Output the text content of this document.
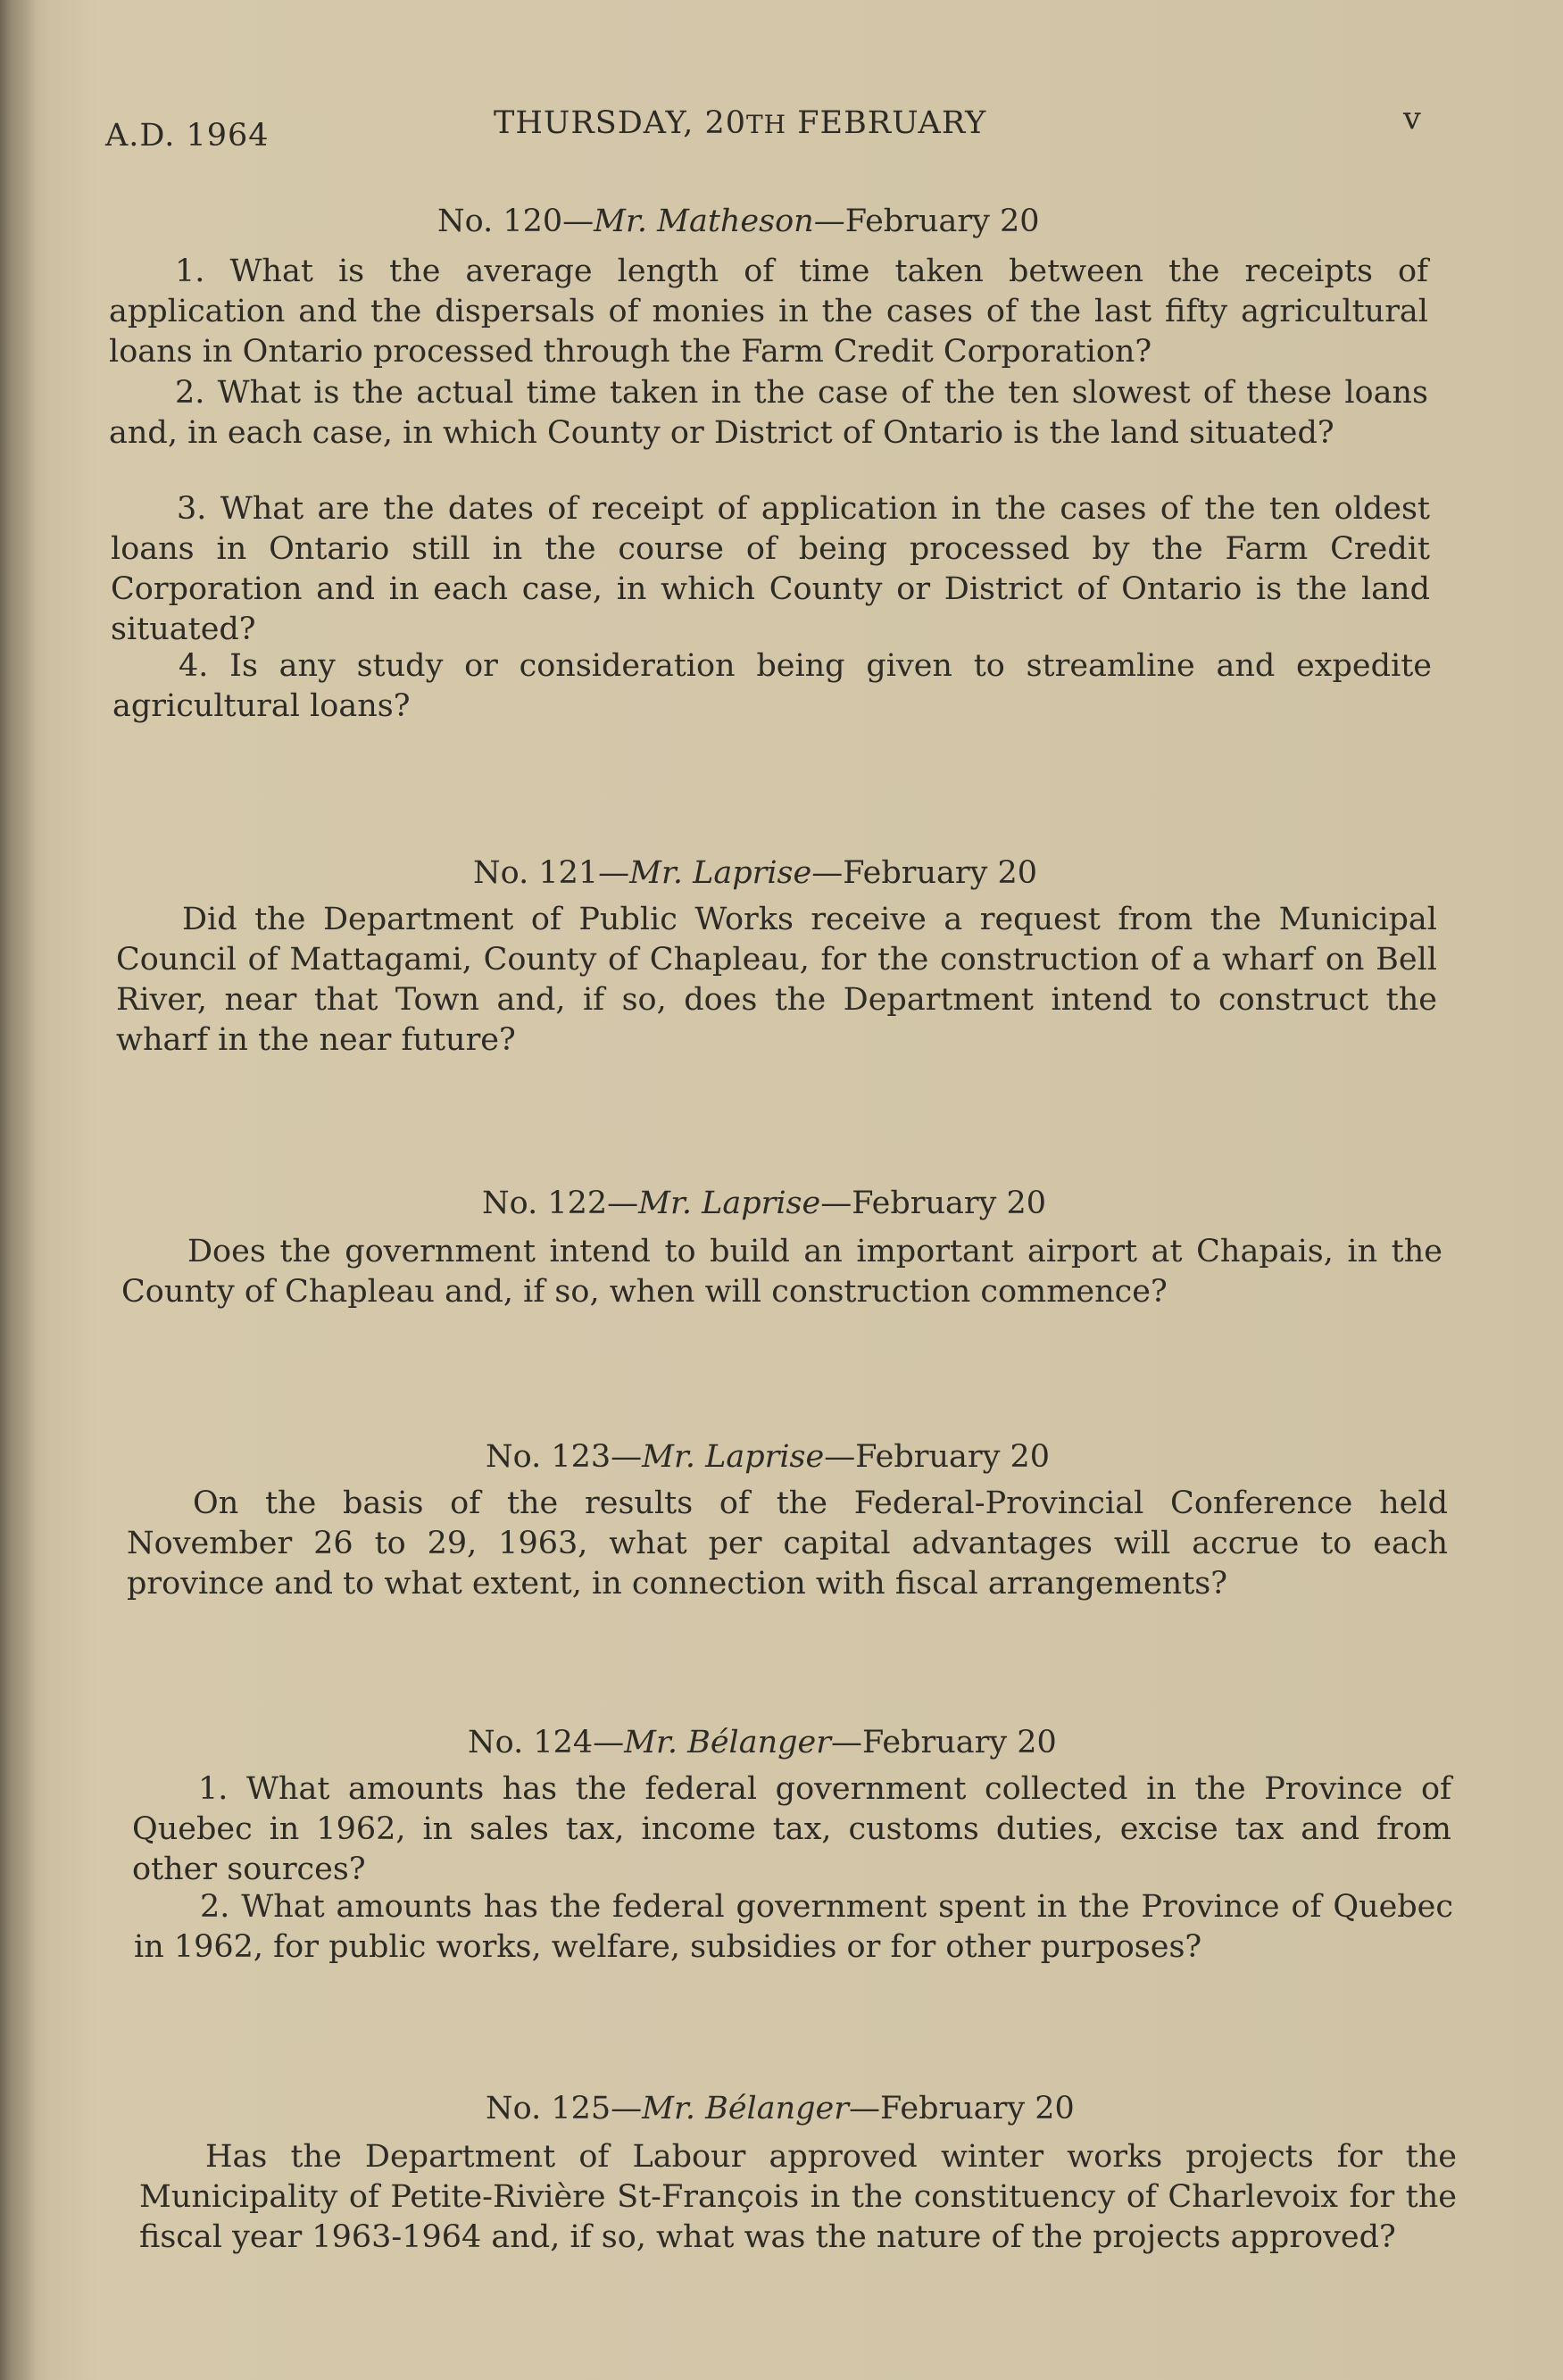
A.D. 1964	THURSDAY, 20TH FEBRUARY	v
No. 120—Mr. Matheson—February 20
1. What is the average length of time taken between the receipts of application and the dispersals of monies in the cases of the last fifty agricultural loans in Ontario processed through the Farm Credit Corporation?
2. What is the actual time taken in the case of the ten slowest of these loans and, in each case, in which County or District of Ontario is the land situated?
3. What are the dates of receipt of application in the cases of the ten oldest loans in Ontario still in the course of being processed by the Farm Credit Corporation and in each case, in which County or District of Ontario is the land situated?
4. Is any study or consideration being given to streamline and expedite agricultural loans?
No. 121—Mr. Laprise—February 20
Did the Department of Public Works receive a request from the Municipal Council of Mattagami, County of Chapleau, for the construction of a wharf on Bell River, near that Town and, if so, does the Department intend to construct the wharf in the near future?
No. 122—Mr. Laprise—February 20
Does the government intend to build an important airport at Chapais, in the County of Chapleau and, if so, when will construction commence?
No. 123—Mr. Laprise—February 20
On the basis of the results of the Federal-Provincial Conference held November 26 to 29, 1963, what per capital advantages will accrue to each province and to what extent, in connection with fiscal arrangements?
No. 124—Mr. Bélanger—February 20
1. What amounts has the federal government collected in the Province of Quebec in 1962, in sales tax, income tax, customs duties, excise tax and from other sources?
2. What amounts has the federal government spent in the Province of Quebec in 1962, for public works, welfare, subsidies or for other purposes?
No. 125—Mr. Bélanger—February 20
Has the Department of Labour approved winter works projects for the Municipality of Petite-Rivière St-François in the constituency of Charlevoix for the fiscal year 1963-1964 and, if so, what was the nature of the projects approved?
